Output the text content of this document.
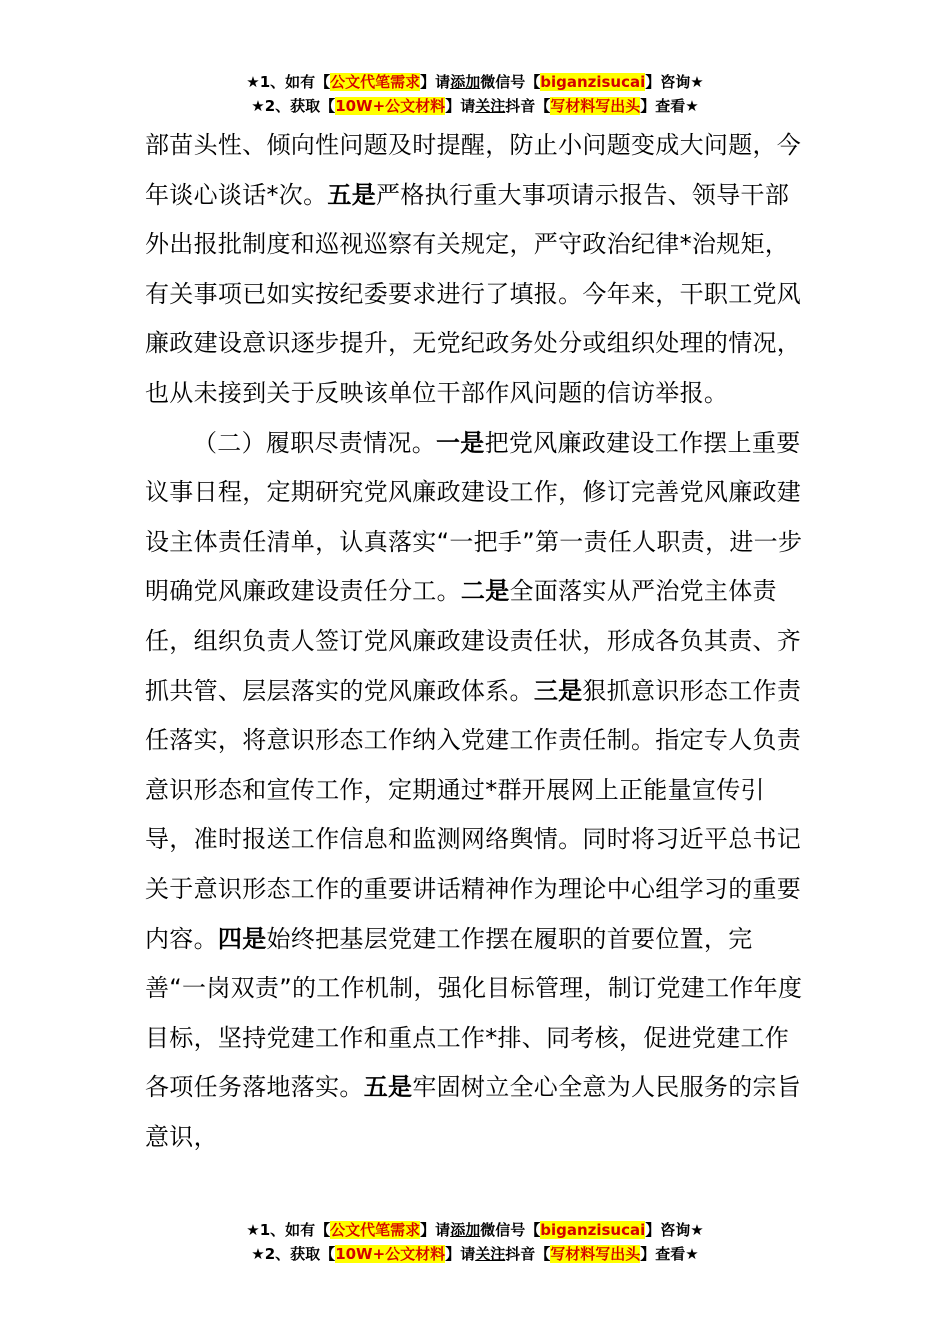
★1、如有【公文代笔需求】请添加微信号【biganzisucai】咨询★
★2、获取【10W+公文材料】请关注抖音【写材料写出头】查看★

部苗头性、倾向性问题及时提醒，防止小问题变成大问题，今年谈心谈话*次。五是严格执行重大事项请示报告、领导干部外出报批制度和巡视巡察有关规定，严守政治纪律*治规矩，有关事项已如实按纪委要求进行了填报。今年来，干职工党风廉政建设意识逐步提升，无党纪政务处分或组织处理的情况，也从未接到关于反映该单位干部作风问题的信访举报。

（二）履职尽责情况。一是把党风廉政建设工作摆上重要议事日程，定期研究党风廉政建设工作，修订完善党风廉政建设主体责任清单，认真落实“一把手”第一责任人职责，进一步明确党风廉政建设责任分工。二是全面落实从严治党主体责任，组织负责人签订党风廉政建设责任状，形成各负其责、齐抓共管、层层落实的党风廉政体系。三是狠抓意识形态工作责任落实，将意识形态工作纳入党建工作责任制。指定专人负责意识形态和宣传工作，定期通过*群开展网上正能量宣传引导，准时报送工作信息和监测网络舆情。同时将习近平总书记关于意识形态工作的重要讲话精神作为理论中心组学习的重要内容。四是始终把基层党建工作摆在履职的首要位置，完善“一岗双责”的工作机制，强化目标管理，制订党建工作年度目标，坚持党建工作和重点工作*排、同考核，促进党建工作各项任务落地落实。五是牢固树立全心全意为人民服务的宗旨意识，

★1、如有【公文代笔需求】请添加微信号【biganzisucai】咨询★
★2、获取【10W+公文材料】请关注抖音【写材料写出头】查看★
